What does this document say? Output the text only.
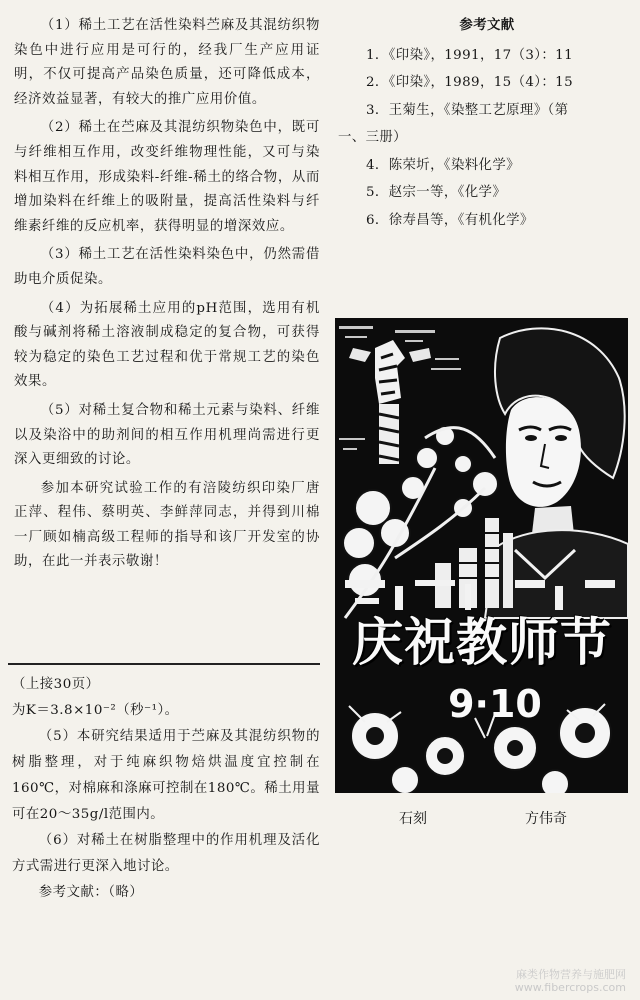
（1）稀土工艺在活性染料苎麻及其混纺织物染色中进行应用是可行的，经我厂生产应用证明，不仅可提高产品染色质量，还可降低成本，经济效益显著，有较大的推广应用价值。

（2）稀土在苎麻及其混纺织物染色中，既可与纤维相互作用，改变纤维物理性能，又可与染料相互作用，形成染料-纤维-稀土的络合物，从而增加染料在纤维上的吸附量，提高活性染料与纤维素纤维的反应机率，获得明显的增深效应。

（3）稀土工艺在活性染料染色中，仍然需借助电介质促染。

（4）为拓展稀土应用的pH范围，选用有机酸与碱剂将稀土溶液制成稳定的复合物，可获得较为稳定的染色工艺过程和优于常规工艺的染色效果。

（5）对稀土复合物和稀土元素与染料、纤维以及染浴中的助剂间的相互作用机理尚需进行更深入更细致的讨论。

参加本研究试验工作的有涪陵纺织印染厂唐正萍、程伟、蔡明英、李鲜萍同志，并得到川棉一厂顾如楠高级工程师的指导和该厂开发室的协助，在此一并表示敬谢！

（上接30页）

为K＝3.8×10⁻²（秒⁻¹）。

（5）本研究结果适用于苎麻及其混纺织物的树脂整理，对于纯麻织物焙烘温度宜控制在160℃，对棉麻和涤麻可控制在180℃。稀土用量可在20～35g/l范围内。

（6）对稀土在树脂整理中的作用机理及活化方式需进行更深入地讨论。

参考文献：（略）

参考文献
1．《印染》，1991，17（3）：11
2．《印染》，1989，15（4）：15
3．王菊生，《染整工艺原理》（第
一、三册）
4．陈荣圻，《染料化学》
5．赵宗一等，《化学》
6．徐寿昌等，《有机化学》
庆祝教师节
9·10
石刻	方伟奇
麻类作物营养与施肥网
www.fibercrops.com
